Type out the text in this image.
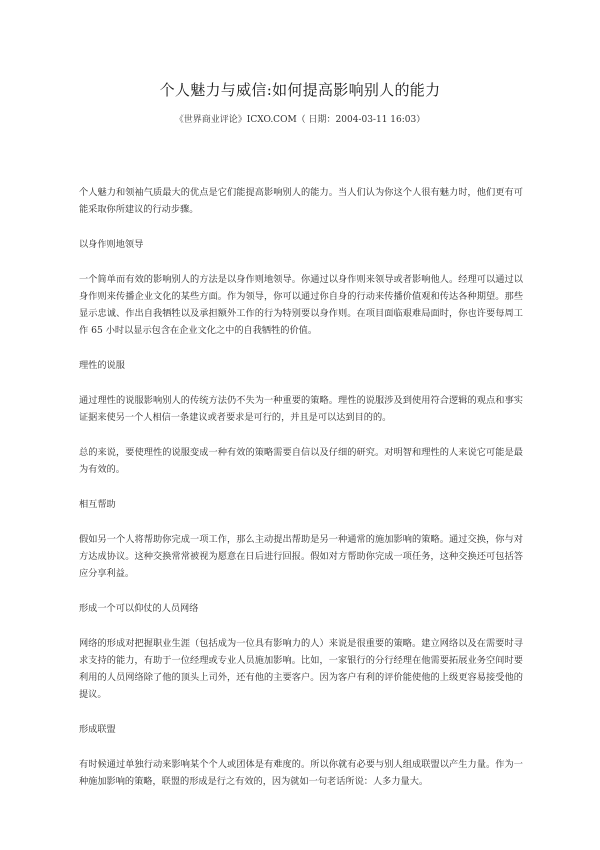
个人魅力与威信:如何提高影响别人的能力

《世界商业评论》ICXO.COM（ 日期：2004-03-11 16:03）

个人魅力和领袖气质最大的优点是它们能提高影响别人的能力。当人们认为你这个人很有魅力时，他们更有可能采取你所建议的行动步骤。

以身作则地领导

一个简单而有效的影响别人的方法是以身作则地领导。你通过以身作则来领导或者影响他人。经理可以通过以身作则来传播企业文化的某些方面。作为领导，你可以通过你自身的行动来传播价值观和传达各种期望。那些显示忠诚、作出自我牺牲以及承担额外工作的行为特别要以身作则。在项目面临艰难局面时，你也许要每周工作 65 小时以显示包含在企业文化之中的自我牺牲的价值。

理性的说服

通过理性的说服影响别人的传统方法仍不失为一种重要的策略。理性的说服涉及到使用符合逻辑的观点和事实证据来使另一个人相信一条建议或者要求是可行的，并且是可以达到目的的。

总的来说，要使理性的说服变成一种有效的策略需要自信以及仔细的研究。对明智和理性的人来说它可能是最为有效的。

相互帮助

假如另一个人将帮助你完成一项工作，那么主动提出帮助是另一种通常的施加影响的策略。通过交换，你与对方达成协议。这种交换常常被视为愿意在日后进行回报。假如对方帮助你完成一项任务，这种交换还可包括答应分享利益。

形成一个可以仰仗的人员网络

网络的形成对把握职业生涯（包括成为一位具有影响力的人）来说是很重要的策略。建立网络以及在需要时寻求支持的能力，有助于一位经理或专业人员施加影响。比如，一家银行的分行经理在他需要拓展业务空间时要利用的人员网络除了他的顶头上司外，还有他的主要客户。因为客户有利的评价能使他的上级更容易接受他的提议。

形成联盟

有时候通过单独行动来影响某个个人或团体是有难度的。所以你就有必要与别人组成联盟以产生力量。作为一种施加影响的策略，联盟的形成是行之有效的，因为就如一句老话所说：人多力量大。
